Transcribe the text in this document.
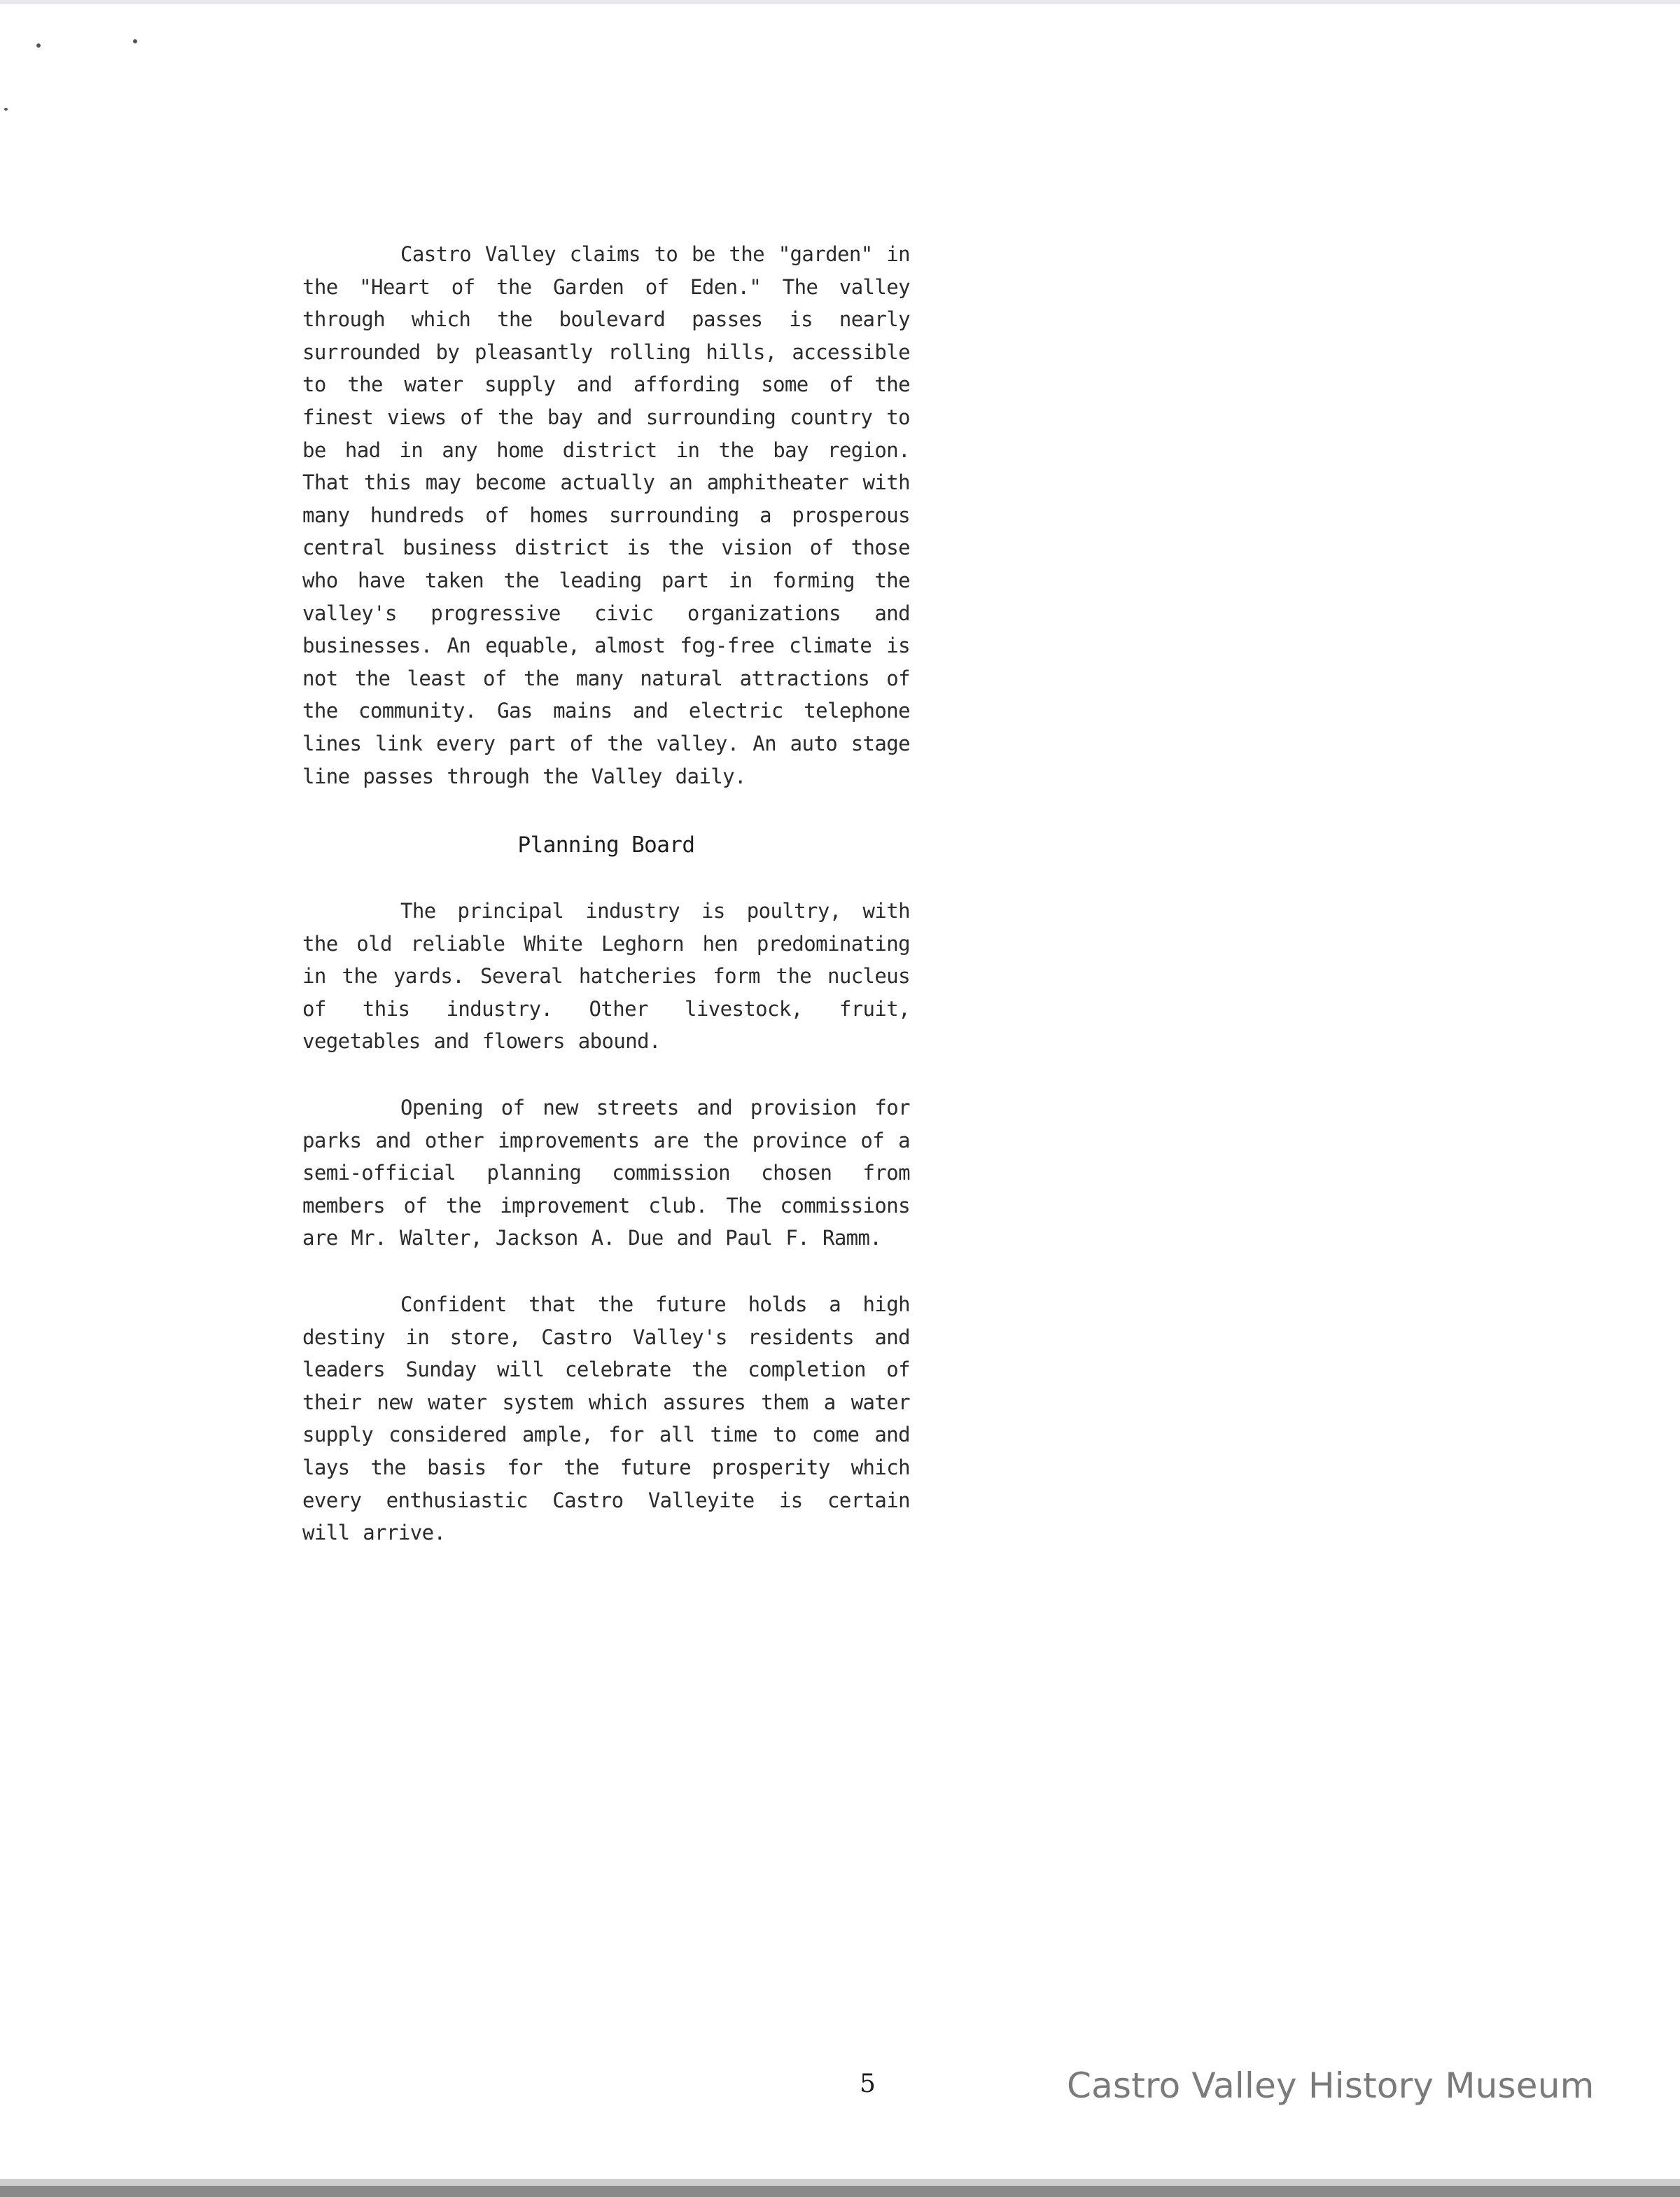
Castro Valley claims to be the "garden" in the "Heart of the Garden of Eden." The valley through which the boulevard passes is nearly surrounded by pleasantly rolling hills, accessible to the water supply and affording some of the finest views of the bay and surrounding country to be had in any home district in the bay region. That this may become actually an amphitheater with many hundreds of homes surrounding a prosperous central business district is the vision of those who have taken the leading part in forming the valley's progressive civic organizations and businesses. An equable, almost fog-free climate is not the least of the many natural attractions of the community. Gas mains and electric telephone lines link every part of the valley. An auto stage line passes through the Valley daily.

Planning Board

The principal industry is poultry, with the old reliable White Leghorn hen predominating in the yards. Several hatcheries form the nucleus of this industry. Other livestock, fruit, vegetables and flowers abound.

Opening of new streets and provision for parks and other improvements are the province of a semi-official planning commission chosen from members of the improvement club. The commissions are Mr. Walter, Jackson A. Due and Paul F. Ramm.

Confident that the future holds a high destiny in store, Castro Valley's residents and leaders Sunday will celebrate the completion of their new water system which assures them a water supply considered ample, for all time to come and lays the basis for the future prosperity which every enthusiastic Castro Valleyite is certain will arrive.

5	Castro Valley History Museum
